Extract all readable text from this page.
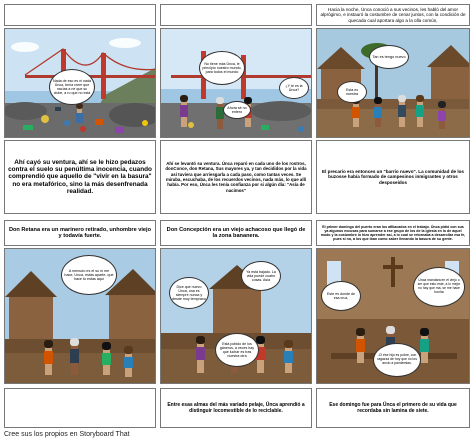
Hacia la noche, Únca conoció a sus vecinos, les habló del amor alprógimo, e instauró la costumbre de cenar juntos, con la condición de quecada cual aportara algo a la olla común,
Nada de eso es ni nada Únca, tenía creer que nacías a ne que su clube, a ro que no está
No tiene más Únca, le principio nuestro mundo, para todos el mundo
¿Y te es la Únca?
Ahora sé no entero
Tan es tengo nuevo
Esta es nuestra
Ahí cayó su ventura, ahí se le hizo pedazos contra el suelo su penúltima inocencia, cuando comprendió que aquello de "vivir en la basura" no era metafórico, sino la más desenfrenada realidad.
Ahí se levantó su ventura. Únca reparó en cada uno de los rostros, donConce, don Retana, Sus mayores ya, y tan decididos por la vida así tuviera que arriesgarla a cada paso, como tantas veces. Se miraba, escuchaba, de los recuerdos vecinos, nada más, lo que allí había. Por eso, Únca les tenía confianza por si algún día: "Asía de nacimos"
El precario era entonces un "barrio nuevo". La comunidad de los buzosse había formado de campesinos inmigrantes y otros desposeídos
Don Retana era un marinero retirado, unhombre viejo y todavía fuerte.
Don Concepción era un viejo achacoso que llegó de la zona bananera.
El primer domingo del puerto eran los afiliacados en el trabajo. Únca pidió con sus ya algunos excusas para sumarse a ese grupo de los de la iglesia en lo de aquel modo y la costumbre lo hizo aprender así, a lo cual se retornaba a desarrollar esa fe, pues si no, a los que iban como saber llenando la basura de su gente.
A menudo es el su ni me hace, Unca, estás aparte, que hace tu estas aquí
Ya está bajado. La vida puede cuatro cosas. Asía
Dice que nuevo Únca, una es siempre nunca y desde muy temprano
Está pobido de los gáneros, a veces hay que luchar es tras nuestra otra
Este es donde de esa cruz,
Únca mandara en el viejo o ser que esto este, a lo mejor no hay que ma, se me hace bonita
-Cl ése hijo es pobre, con ragazza de hoy que no los ancio a pandemias.
Entre esas almas del más variado pelaje, Únca aprendió a distinguir locomestible de lo reciclable.
Ese domingo fue para Únca el primero de su vida que recordaba sin lamina de siete.
Cree sus los propios en Storyboard That
